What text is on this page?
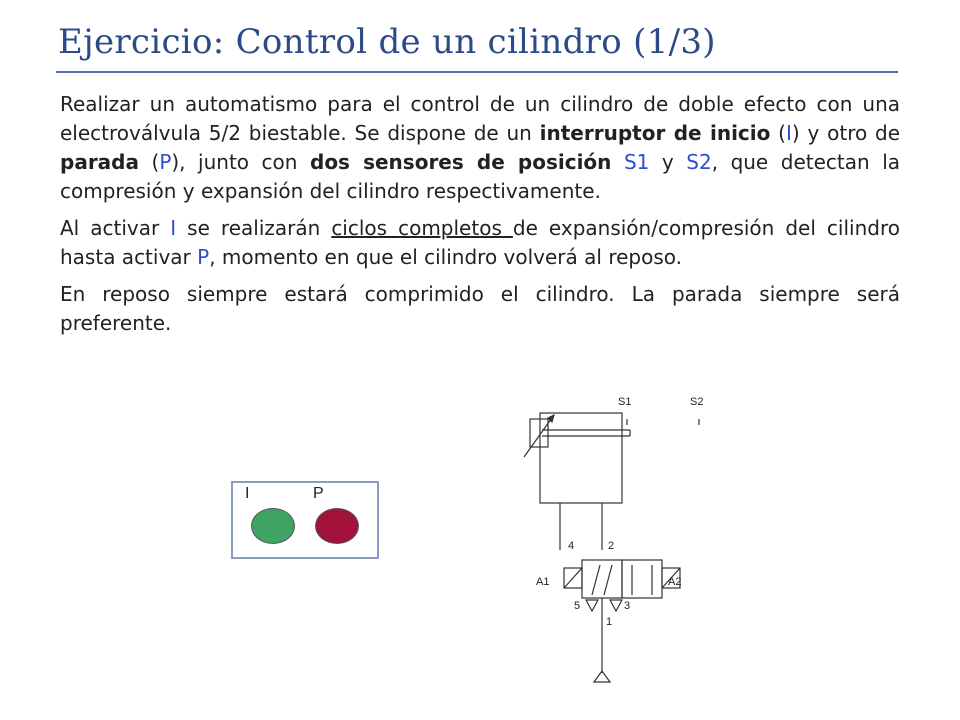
Ejercicio: Control de un cilindro (1/3)

Realizar un automatismo para el control de un cilindro de doble efecto con una electroválvula 5/2 biestable. Se dispone de un interruptor de inicio (I) y otro de parada (P), junto con dos sensores de posición S1 y S2, que detectan la compresión y expansión del cilindro respectivamente.

Al activar I se realizarán ciclos completos de expansión/compresión del cilindro hasta activar P, momento en que el cilindro volverá al reposo.

En reposo siempre estará comprimido el cilindro. La parada siempre será preferente.

I	P
S1	S2
4	2
A1	A2
5	3
1
